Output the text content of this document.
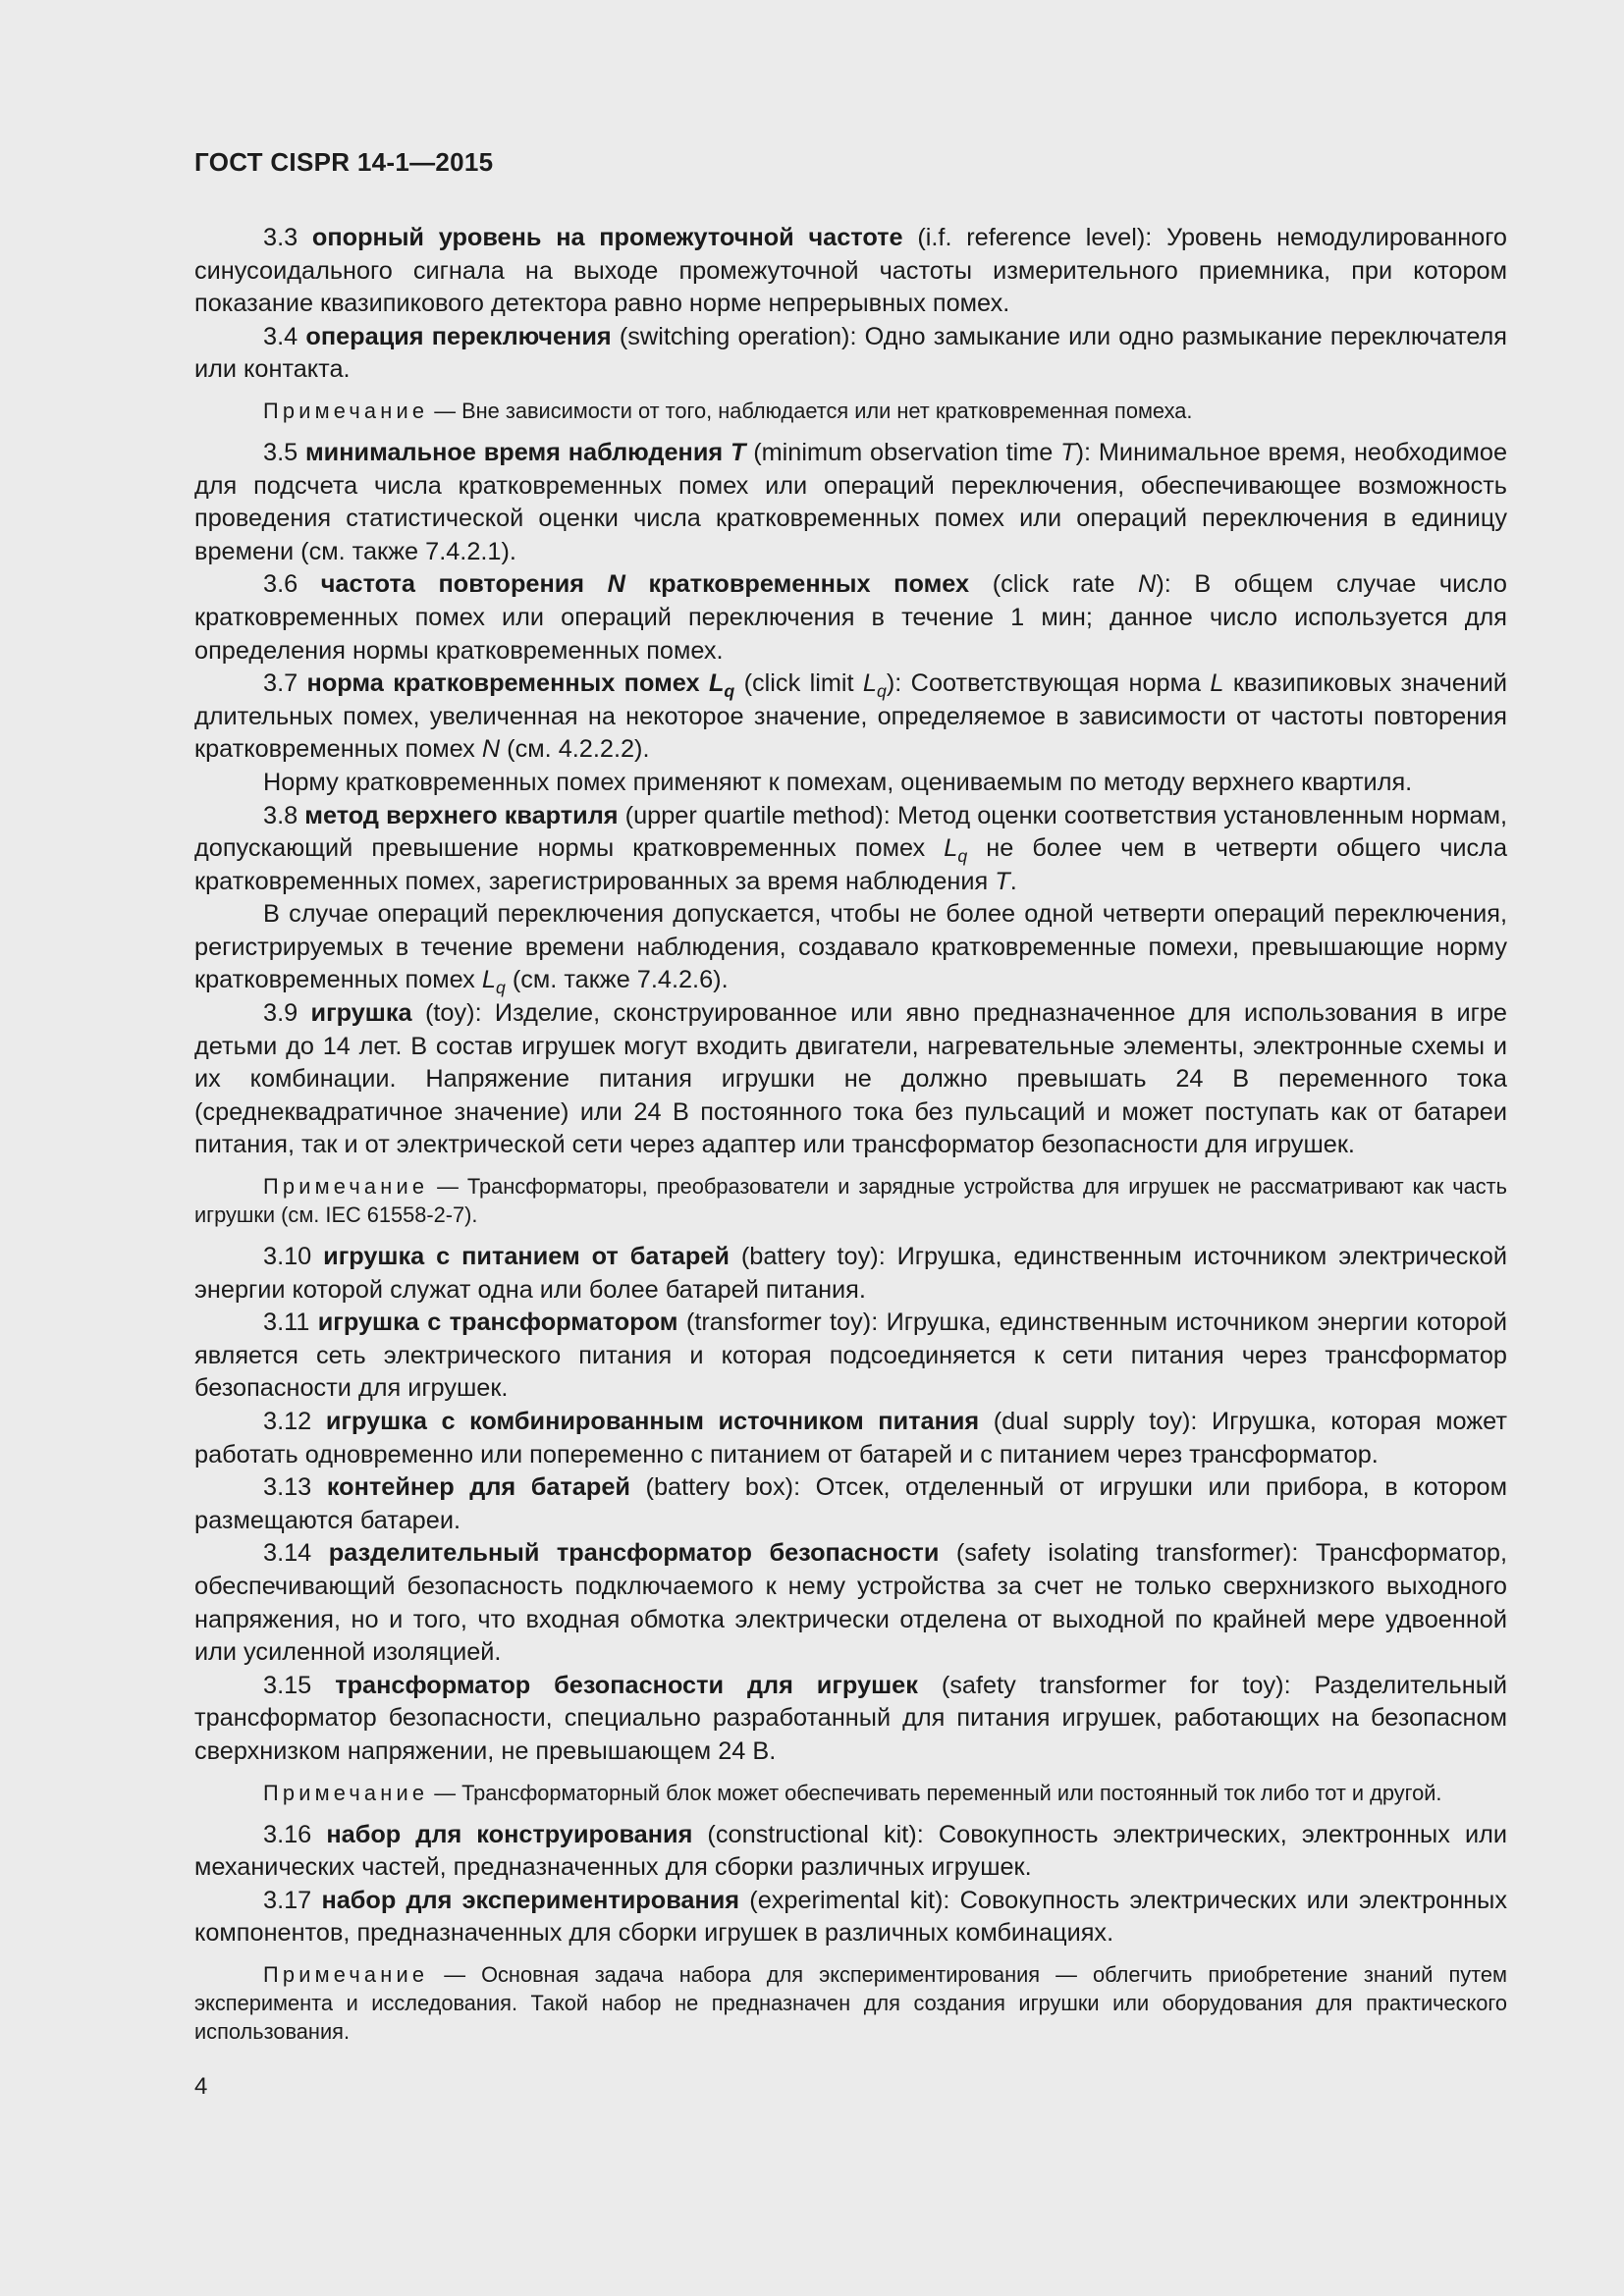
ГОСТ CISPR 14-1—2015

3.3 опорный уровень на промежуточной частоте (i.f. reference level): Уровень немодулированного синусоидального сигнала на выходе промежуточной частоты измерительного приемника, при котором показание квазипикового детектора равно норме непрерывных помех.

3.4 операция переключения (switching operation): Одно замыкание или одно размыкание переключателя или контакта.

Примечание — Вне зависимости от того, наблюдается или нет кратковременная помеха.

3.5 минимальное время наблюдения T (minimum observation time T): Минимальное время, необходимое для подсчета числа кратковременных помех или операций переключения, обеспечивающее возможность проведения статистической оценки числа кратковременных помех или операций переключения в единицу времени (см. также 7.4.2.1).

3.6 частота повторения N кратковременных помех (click rate N): В общем случае число кратковременных помех или операций переключения в течение 1 мин; данное число используется для определения нормы кратковременных помех.

3.7 норма кратковременных помех $L_q$ (click limit $L_q$): Соответствующая норма L квазипиковых значений длительных помех, увеличенная на некоторое значение, определяемое в зависимости от частоты повторения кратковременных помех N (см. 4.2.2.2).

Норму кратковременных помех применяют к помехам, оцениваемым по методу верхнего квартиля.

3.8 метод верхнего квартиля (upper quartile method): Метод оценки соответствия установленным нормам, допускающий превышение нормы кратковременных помех $L_q$ не более чем в четверти общего числа кратковременных помех, зарегистрированных за время наблюдения T.

В случае операций переключения допускается, чтобы не более одной четверти операций переключения, регистрируемых в течение времени наблюдения, создавало кратковременные помехи, превышающие норму кратковременных помех $L_q$ (см. также 7.4.2.6).

3.9 игрушка (toy): Изделие, сконструированное или явно предназначенное для использования в игре детьми до 14 лет. В состав игрушек могут входить двигатели, нагревательные элементы, электронные схемы и их комбинации. Напряжение питания игрушки не должно превышать 24 В переменного тока (среднеквадратичное значение) или 24 В постоянного тока без пульсаций и может поступать как от батареи питания, так и от электрической сети через адаптер или трансформатор безопасности для игрушек.

Примечание — Трансформаторы, преобразователи и зарядные устройства для игрушек не рассматривают как часть игрушки (см. IEC 61558-2-7).

3.10 игрушка с питанием от батарей (battery toy): Игрушка, единственным источником электрической энергии которой служат одна или более батарей питания.

3.11 игрушка с трансформатором (transformer toy): Игрушка, единственным источником энергии которой является сеть электрического питания и которая подсоединяется к сети питания через трансформатор безопасности для игрушек.

3.12 игрушка с комбинированным источником питания (dual supply toy): Игрушка, которая может работать одновременно или попеременно с питанием от батарей и с питанием через трансформатор.

3.13 контейнер для батарей (battery box): Отсек, отделенный от игрушки или прибора, в котором размещаются батареи.

3.14 разделительный трансформатор безопасности (safety isolating transformer): Трансформатор, обеспечивающий безопасность подключаемого к нему устройства за счет не только сверхнизкого выходного напряжения, но и того, что входная обмотка электрически отделена от выходной по крайней мере удвоенной или усиленной изоляцией.

3.15 трансформатор безопасности для игрушек (safety transformer for toy): Разделительный трансформатор безопасности, специально разработанный для питания игрушек, работающих на безопасном сверхнизком напряжении, не превышающем 24 В.

Примечание — Трансформаторный блок может обеспечивать переменный или постоянный ток либо тот и другой.

3.16 набор для конструирования (constructional kit): Совокупность электрических, электронных или механических частей, предназначенных для сборки различных игрушек.

3.17 набор для экспериментирования (experimental kit): Совокупность электрических или электронных компонентов, предназначенных для сборки игрушек в различных комбинациях.

Примечание — Основная задача набора для экспериментирования — облегчить приобретение знаний путем эксперимента и исследования. Такой набор не предназначен для создания игрушки или оборудования для практического использования.

4
